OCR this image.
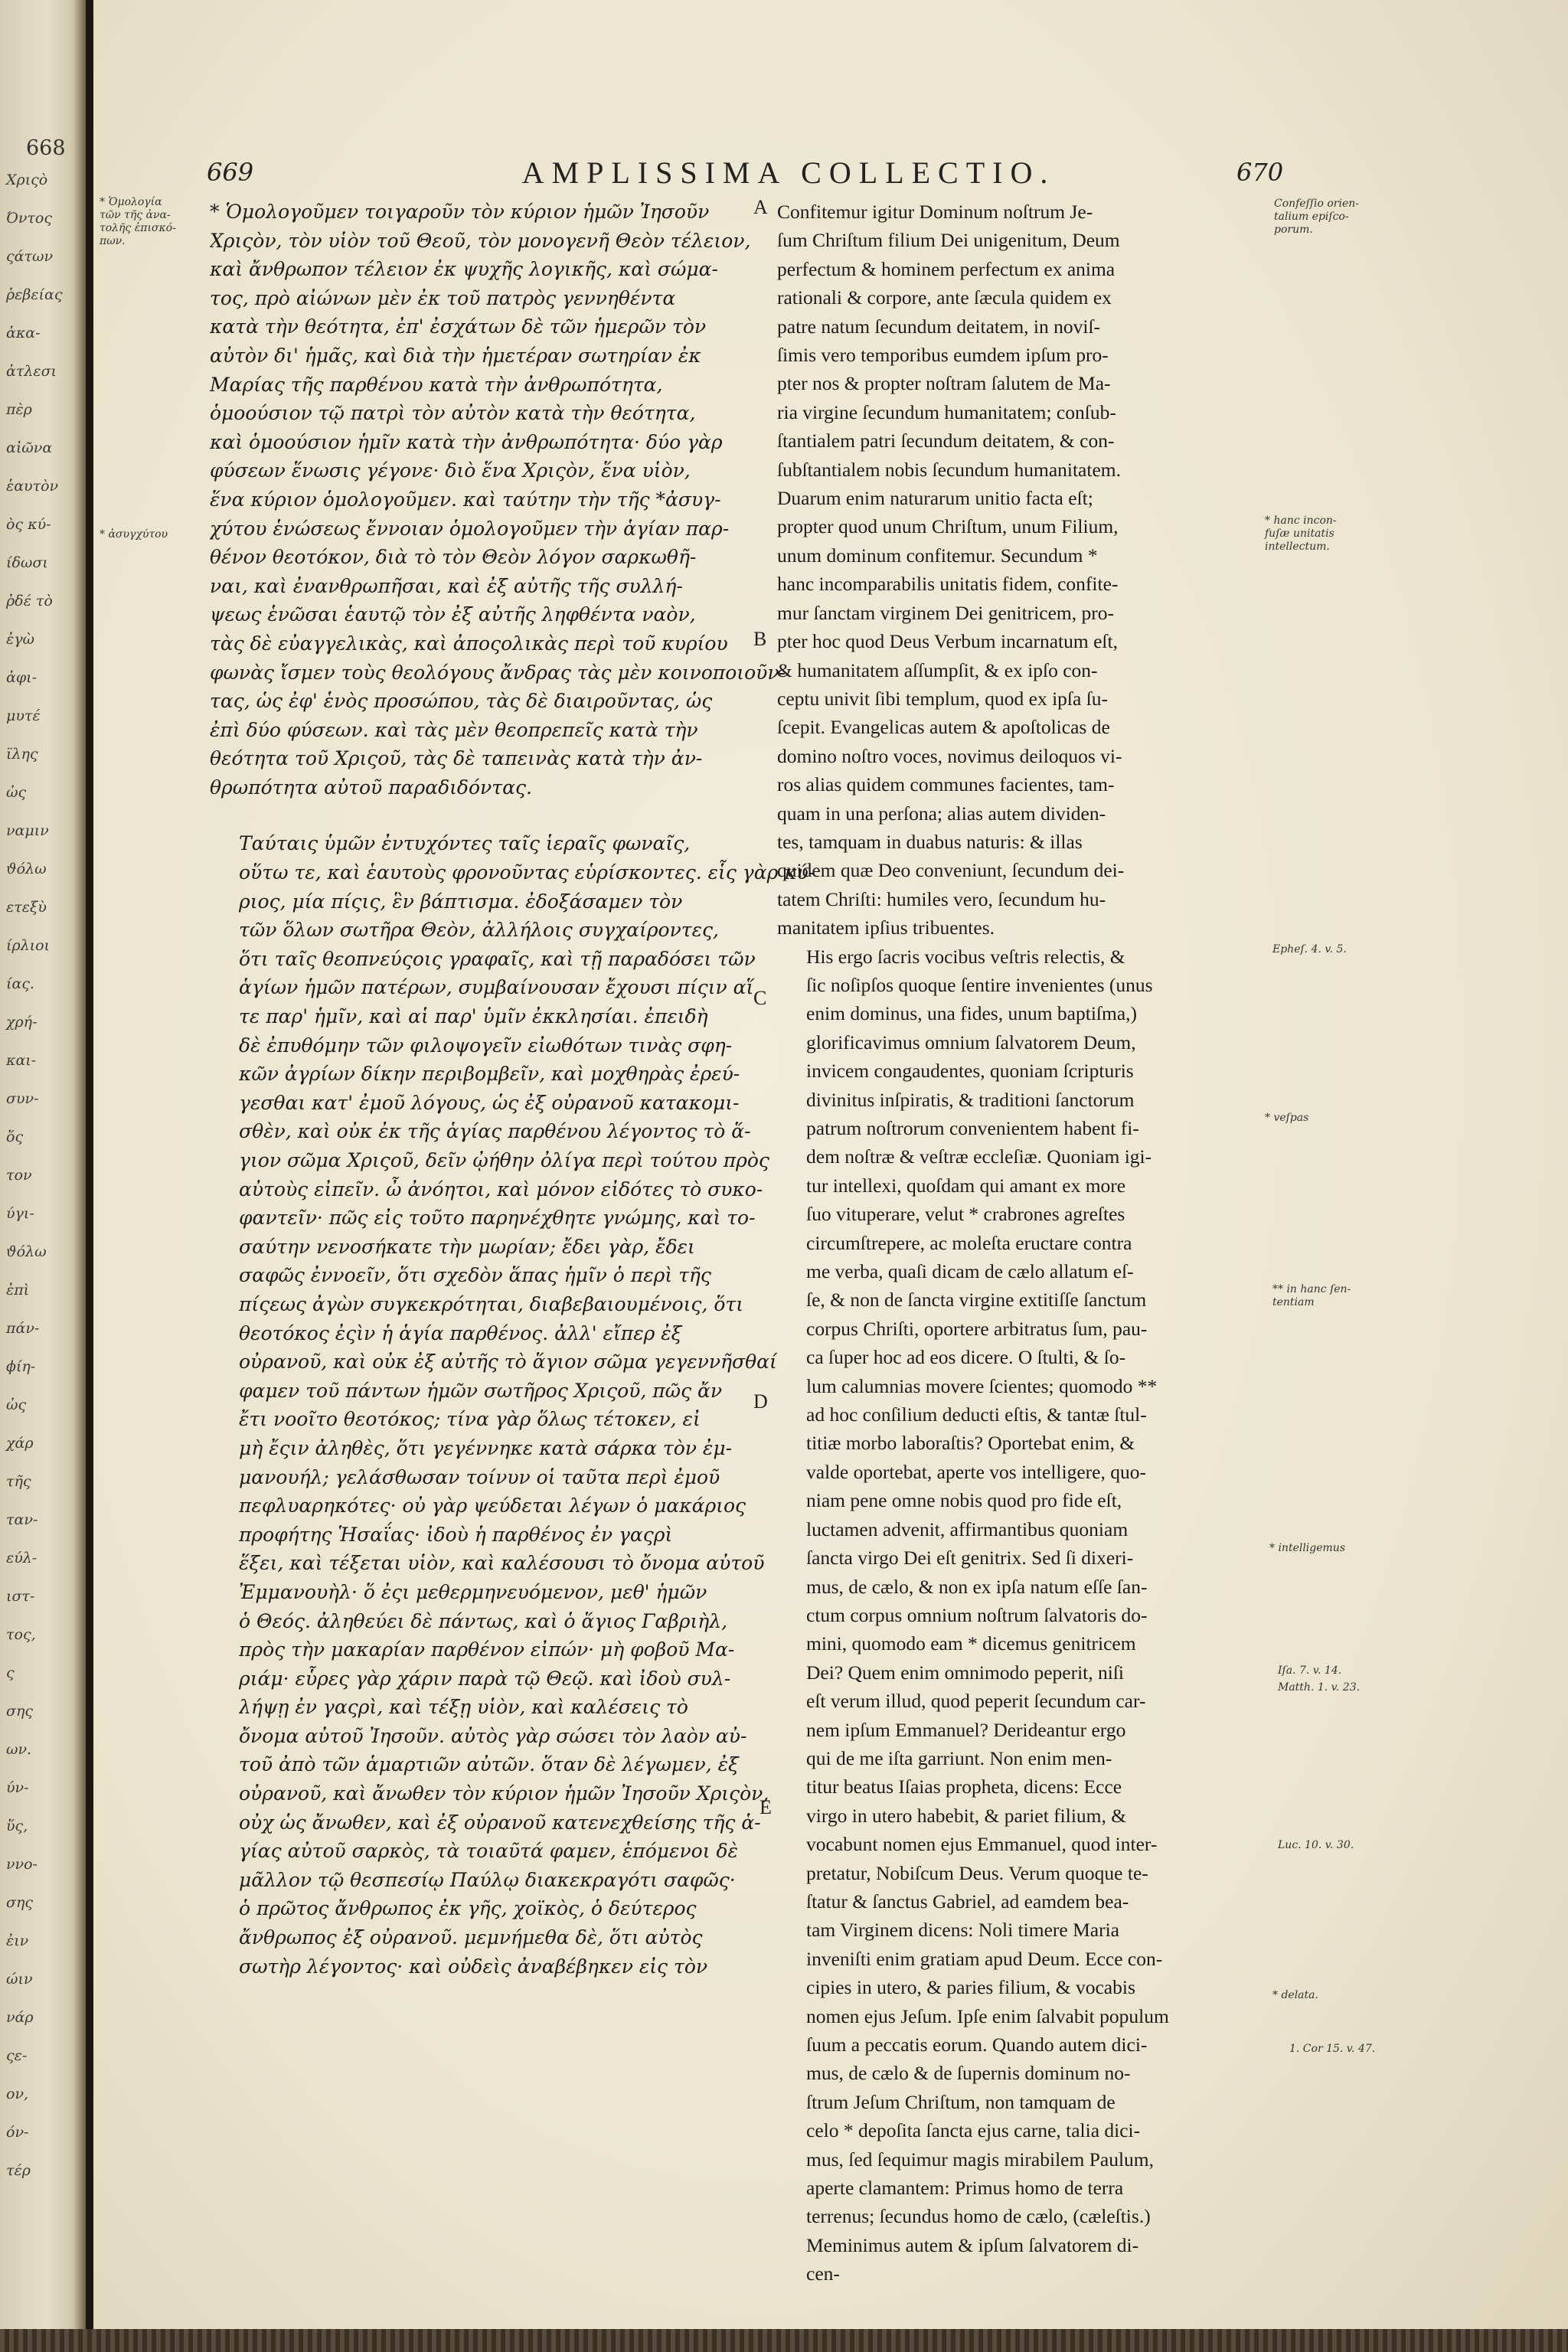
668
Χριςὸ
Όντος
ςάτων
ῥεβείας
ἀκα-
ἀτλεσι
πὲρ
αἰῶνα
ἑαυτὸν
ὸς κύ-
ίδωσι
ῥδέ τὸ
ἐγὼ
ἀφι-
μυτέ
ϊλης
ὡς
ναμιν
ϑόλω
ετεξὺ
ίρλιοι
ίας.
χρή-
και-
συν-
ὅς
τον
ύγι-
ϑόλω
ἐπὶ
πάν-
ϕίη-
ὡς
χάρ
τῆς
ταν-
εύλ-
ιστ-
τος,
ς
σης
ων.
ύν-
ὕς,
ννο-
σης
ἐιν
ώιν
νάρ
ςε-
ον,
όν-
τέρ
669	AMPLISSIMA COLLECTIO.	670

* Ὁμολογοῦμεν τοιγαροῦν τὸν κύριον ἡμῶν Ἰησοῦν
Χριςὸν, τὸν υἱὸν τοῦ Θεοῦ, τὸν μονογενῆ Θεὸν τέλειον,
καὶ ἄνθρωπον τέλειον ἐκ ψυχῆς λογικῆς, καὶ σώμα-
τος, πρὸ αἰώνων μὲν ἐκ τοῦ πατρὸς γεννηθέντα
κατὰ τὴν θεότητα, ἐπ' ἐσχάτων δὲ τῶν ἡμερῶν τὸν
αὐτὸν δι' ἡμᾶς, καὶ διὰ τὴν ἡμετέραν σωτηρίαν ἐκ
Μαρίας τῆς παρθένου κατὰ τὴν ἀνθρωπότητα,
ὁμοούσιον τῷ πατρὶ τὸν αὐτὸν κατὰ τὴν θεότητα,
καὶ ὁμοούσιον ἡμῖν κατὰ τὴν ἀνθρωπότητα· δύο γὰρ
φύσεων ἕνωσις γέγονε· διὸ ἕνα Χριςὸν, ἕνα υἱὸν,
ἕνα κύριον ὁμολογοῦμεν. καὶ ταύτην τὴν τῆς *ἀσυγ-
χύτου ἑνώσεως ἔννοιαν ὁμολογοῦμεν τὴν ἁγίαν παρ-
θένον θεοτόκον, διὰ τὸ τὸν Θεὸν λόγον σαρκωθῆ-
ναι, καὶ ἐνανθρωπῆσαι, καὶ ἐξ αὐτῆς τῆς συλλή-
ψεως ἑνῶσαι ἑαυτῷ τὸν ἐξ αὐτῆς ληφθέντα ναὸν,
τὰς δὲ εὐαγγελικὰς, καὶ ἀποςολικὰς περὶ τοῦ κυρίου
φωνὰς ἴσμεν τοὺς θεολόγους ἄνδρας τὰς μὲν κοινοποιοῦν-
τας, ὡς ἐφ' ἑνὸς προσώπου, τὰς δὲ διαιροῦντας, ὡς
ἐπὶ δύο φύσεων. καὶ τὰς μὲν θεοπρεπεῖς κατὰ τὴν
θεότητα τοῦ Χριςοῦ, τὰς δὲ ταπεινὰς κατὰ τὴν ἀν-
θρωπότητα αὐτοῦ παραδιδόντας.

Ταύταις ὑμῶν ἐντυχόντες ταῖς ἱεραῖς φωναῖς,
οὕτω τε, καὶ ἑαυτοὺς φρονοῦντας εὑρίσκοντες. εἷς γὰρ κύ-
ριος, μία πίςις, ἓν βάπτισμα. ἐδοξάσαμεν τὸν
τῶν ὅλων σωτῆρα Θεὸν, ἀλλήλοις συγχαίροντες,
ὅτι ταῖς θεοπνεύςοις γραφαῖς, καὶ τῇ παραδόσει τῶν
ἁγίων ἡμῶν πατέρων, συμβαίνουσαν ἔχουσι πίςιν αἵ
τε παρ' ἡμῖν, καὶ αἱ παρ' ὑμῖν ἐκκλησίαι. ἐπειδὴ
δὲ ἐπυθόμην τῶν φιλοψογεῖν εἰωθότων τινὰς σφη-
κῶν ἀγρίων δίκην περιβομβεῖν, καὶ μοχθηρὰς ἐρεύ-
γεσθαι κατ' ἐμοῦ λόγους, ὡς ἐξ οὐρανοῦ κατακομι-
σθὲν, καὶ οὐκ ἐκ τῆς ἁγίας παρθένου λέγοντος τὸ ἅ-
γιον σῶμα Χριςοῦ, δεῖν ᾠήθην ὀλίγα περὶ τούτου πρὸς
αὐτοὺς εἰπεῖν. ὦ ἀνόητοι, καὶ μόνον εἰδότες τὸ συκο-
φαντεῖν· πῶς εἰς τοῦτο παρηνέχθητε γνώμης, καὶ το-
σαύτην νενοσήκατε τὴν μωρίαν; ἔδει γὰρ, ἔδει
σαφῶς ἐννοεῖν, ὅτι σχεδὸν ἅπας ἡμῖν ὁ περὶ τῆς
πίςεως ἀγὼν συγκεκρότηται, διαβεβαιουμένοις, ὅτι
θεοτόκος ἐςὶν ἡ ἁγία παρθένος. ἀλλ' εἴπερ ἐξ
οὐρανοῦ, καὶ οὐκ ἐξ αὐτῆς τὸ ἅγιον σῶμα γεγεννῆσθαί
φαμεν τοῦ πάντων ἡμῶν σωτῆρος Χριςοῦ, πῶς ἄν
ἔτι νοοῖτο θεοτόκος; τίνα γὰρ ὅλως τέτοκεν, εἰ
μὴ ἔςιν ἀληθὲς, ὅτι γεγέννηκε κατὰ σάρκα τὸν ἐμ-
μανουήλ; γελάσθωσαν τοίνυν οἱ ταῦτα περὶ ἐμοῦ
πεφλυαρηκότες· οὐ γὰρ ψεύδεται λέγων ὁ μακάριος
προφήτης Ἡσαΐας· ἰδοὺ ἡ παρθένος ἐν γαςρὶ
ἕξει, καὶ τέξεται υἱὸν, καὶ καλέσουσι τὸ ὄνομα αὐτοῦ
Ἐμμανουὴλ· ὅ ἐςι μεθερμηνευόμενον, μεθ' ἡμῶν
ὁ Θεός. ἀληθεύει δὲ πάντως, καὶ ὁ ἅγιος Γαβριὴλ,
πρὸς τὴν μακαρίαν παρθένον εἰπών· μὴ φοβοῦ Μα-
ριάμ· εὗρες γὰρ χάριν παρὰ τῷ Θεῷ. καὶ ἰδοὺ συλ-
λήψῃ ἐν γαςρὶ, καὶ τέξῃ υἱὸν, καὶ καλέσεις τὸ
ὄνομα αὐτοῦ Ἰησοῦν. αὐτὸς γὰρ σώσει τὸν λαὸν αὐ-
τοῦ ἀπὸ τῶν ἁμαρτιῶν αὐτῶν. ὅταν δὲ λέγωμεν, ἐξ
οὐρανοῦ, καὶ ἄνωθεν τὸν κύριον ἡμῶν Ἰησοῦν Χριςὸν,
οὐχ ὡς ἄνωθεν, καὶ ἐξ οὐρανοῦ κατενεχθείσης τῆς ἁ-
γίας αὐτοῦ σαρκὸς, τὰ τοιαῦτά φαμεν, ἑπόμενοι δὲ
μᾶλλον τῷ θεσπεσίῳ Παύλῳ διακεκραγότι σαφῶς·
ὁ πρῶτος ἄνθρωπος ἐκ γῆς, χοϊκὸς, ὁ δεύτερος
ἄνθρωπος ἐξ οὐρανοῦ. μεμνήμεθα δὲ, ὅτι αὐτὸς
σωτὴρ λέγοντος· καὶ οὐδεὶς ἀναβέβηκεν εἰς τὸν

Confitemur igitur Dominum noſtrum Je-
ſum Chriſtum filium Dei unigenitum, Deum
perfectum & hominem perfectum ex anima
rationali & corpore, ante ſæcula quidem ex
patre natum ſecundum deitatem, in noviſ-
ſimis vero temporibus eumdem ipſum pro-
pter nos & propter noſtram ſalutem de Ma-
ria virgine ſecundum humanitatem; conſub-
ſtantialem patri ſecundum deitatem, & con-
ſubſtantialem nobis ſecundum humanitatem.
Duarum enim naturarum unitio facta eſt;
propter quod unum Chriſtum, unum Filium,
unum dominum confitemur. Secundum *
hanc incomparabilis unitatis fidem, confite-
mur ſanctam virginem Dei genitricem, pro-
pter hoc quod Deus Verbum incarnatum eſt,
& humanitatem aſſumpſit, & ex ipſo con-
ceptu univit ſibi templum, quod ex ipſa ſu-
ſcepit. Evangelicas autem & apoſtolicas de
domino noſtro voces, novimus deiloquos vi-
ros alias quidem communes facientes, tam-
quam in una perſona; alias autem dividen-
tes, tamquam in duabus naturis: & illas
quidem quæ Deo conveniunt, ſecundum dei-
tatem Chriſti: humiles vero, ſecundum hu-
manitatem ipſius tribuentes.

His ergo ſacris vocibus veſtris relectis, &
ſic noſipſos quoque ſentire invenientes (unus
enim dominus, una fides, unum baptiſma,)
glorificavimus omnium ſalvatorem Deum,
invicem congaudentes, quoniam ſcripturis
divinitus inſpiratis, & traditioni ſanctorum
patrum noſtrorum convenientem habent fi-
dem noſtræ & veſtræ eccleſiæ. Quoniam igi-
tur intellexi, quoſdam qui amant ex more
ſuo vituperare, velut * crabrones agreſtes
circumſtrepere, ac moleſta eructare contra
me verba, quaſi dicam de cælo allatum eſ-
ſe, & non de ſancta virgine extitiſſe ſanctum
corpus Chriſti, oportere arbitratus ſum, pau-
ca ſuper hoc ad eos dicere. O ſtulti, & ſo-
lum calumnias movere ſcientes; quomodo **
ad hoc conſilium deducti eſtis, & tantæ ſtul-
titiæ morbo laboraſtis? Oportebat enim, &
valde oportebat, aperte vos intelligere, quo-
niam pene omne nobis quod pro fide eſt,
luctamen advenit, affirmantibus quoniam
ſancta virgo Dei eſt genitrix. Sed ſi dixeri-
mus, de cælo, & non ex ipſa natum eſſe ſan-
ctum corpus omnium noſtrum ſalvatoris do-
mini, quomodo eam * dicemus genitricem
Dei? Quem enim omnimodo peperit, niſi
eſt verum illud, quod peperit ſecundum car-
nem ipſum Emmanuel? Derideantur ergo
qui de me iſta garriunt. Non enim men-
titur beatus Iſaias propheta, dicens: Ecce
virgo in utero habebit, & pariet filium, &
vocabunt nomen ejus Emmanuel, quod inter-
pretatur, Nobiſcum Deus. Verum quoque te-
ſtatur & ſanctus Gabriel, ad eamdem bea-
tam Virginem dicens: Noli timere Maria
inveniſti enim gratiam apud Deum. Ecce con-
cipies in utero, & paries filium, & vocabis
nomen ejus Jeſum. Ipſe enim ſalvabit populum
ſuum a peccatis eorum. Quando autem dici-
mus, de cælo & de ſupernis dominum no-
ſtrum Jeſum Chriſtum, non tamquam de
celo * depoſita ſancta ejus carne, talia dici-
mus, ſed ſequimur magis mirabilem Paulum,
aperte clamantem: Primus homo de terra
terrenus; ſecundus homo de cælo, (cæleſtis.)
Meminimus autem & ipſum ſalvatorem di-
cen-

A
B
C
D
E
* Ὁμολογία
τῶν τῆς ἀνα-
τολῆς ἐπισκό-
πων.
* ἀσυγχύτου
Confeſſio orien-
talium epiſco-
porum.
* hanc incon-
fuſæ unitatis
intellectum.
Epheſ. 4. v. 5.
* veſpas
** in hanc ſen-
tentiam
* intelligemus
Iſa. 7. v. 14.
Matth. 1. v. 23.
Luc. 10. v. 30.
* delata.
1. Cor 15. v. 47.
